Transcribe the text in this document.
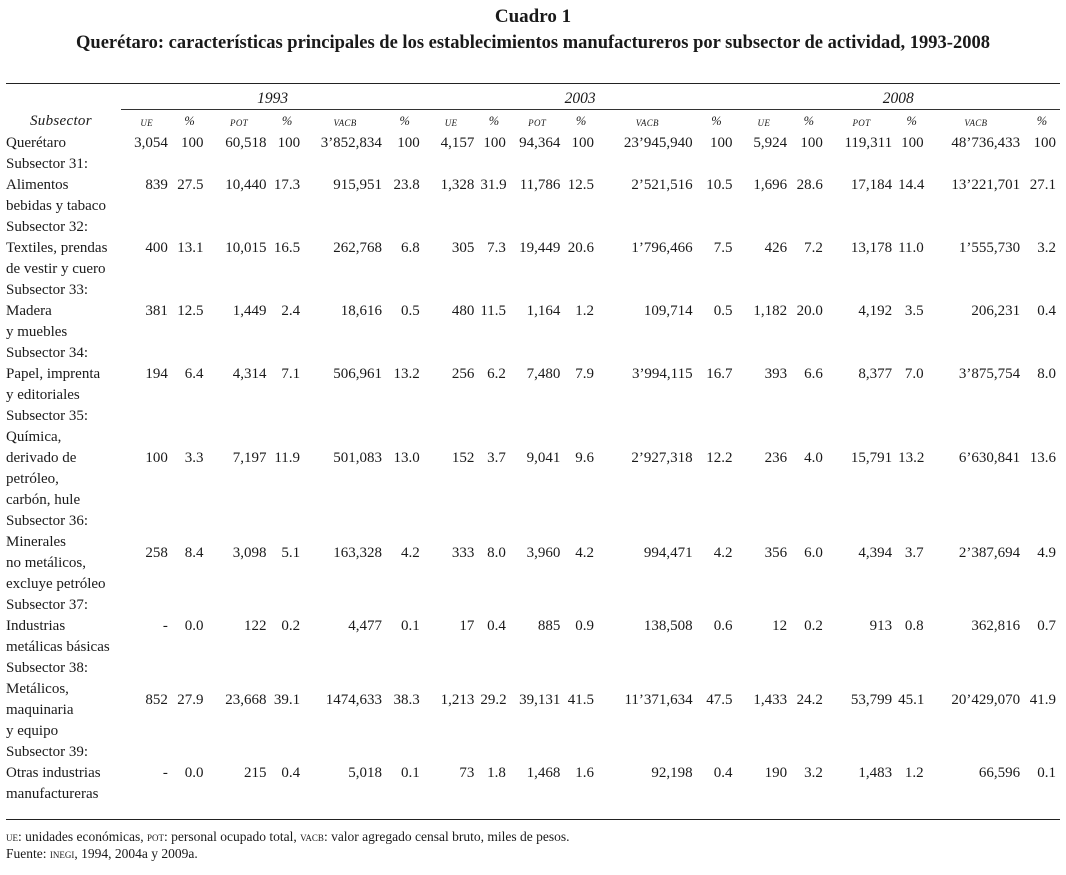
Cuadro 1
Querétaro: características principales de los establecimientos manufactureros por subsector de actividad, 1993-2008
	1993						2003						2008					

Subsector	ue	%	pot	%	vacb	%	ue	%	pot	%	vacb	%	ue	%	pot	%	vacb	%

Querétaro	3,054	100	60,518	100	3’852,834	100	4,157	100	94,364	100	23’945,940	100	5,924	100	119,311	100	48’736,433	100

Subsector 31:
Alimentos
bebidas y tabaco	839	27.5	10,440	17.3	915,951	23.8	1,328	31.9	11,786	12.5	2’521,516	10.5	1,696	28.6	17,184	14.4	13’221,701	27.1

Subsector 32:
Textiles, prendas
de vestir y cuero	400	13.1	10,015	16.5	262,768	6.8	305	7.3	19,449	20.6	1’796,466	7.5	426	7.2	13,178	11.0	1’555,730	3.2

Subsector 33:
Madera
y muebles	381	12.5	1,449	2.4	18,616	0.5	480	11.5	1,164	1.2	109,714	0.5	1,182	20.0	4,192	3.5	206,231	0.4

Subsector 34:
Papel, imprenta
y editoriales	194	6.4	4,314	7.1	506,961	13.2	256	6.2	7,480	7.9	3’994,115	16.7	393	6.6	8,377	7.0	3’875,754	8.0

Subsector 35:
Química,
derivado de
petróleo,
carbón, hule	100	3.3	7,197	11.9	501,083	13.0	152	3.7	9,041	9.6	2’927,318	12.2	236	4.0	15,791	13.2	6’630,841	13.6

Subsector 36:
Minerales
no metálicos,
excluye petróleo	258	8.4	3,098	5.1	163,328	4.2	333	8.0	3,960	4.2	994,471	4.2	356	6.0	4,394	3.7	2’387,694	4.9

Subsector 37:
Industrias
metálicas básicas	-	0.0	122	0.2	4,477	0.1	17	0.4	885	0.9	138,508	0.6	12	0.2	913	0.8	362,816	0.7

Subsector 38:
Metálicos,
maquinaria
y equipo	852	27.9	23,668	39.1	1474,633	38.3	1,213	29.2	39,131	41.5	11’371,634	47.5	1,433	24.2	53,799	45.1	20’429,070	41.9

Subsector 39:
Otras industrias
manufactureras	-	0.0	215	0.4	5,018	0.1	73	1.8	1,468	1.6	92,198	0.4	190	3.2	1,483	1.2	66,596	0.1
ue: unidades económicas, pot: personal ocupado total, vacb: valor agregado censal bruto, miles de pesos.
Fuente: inegi, 1994, 2004a y 2009a.
